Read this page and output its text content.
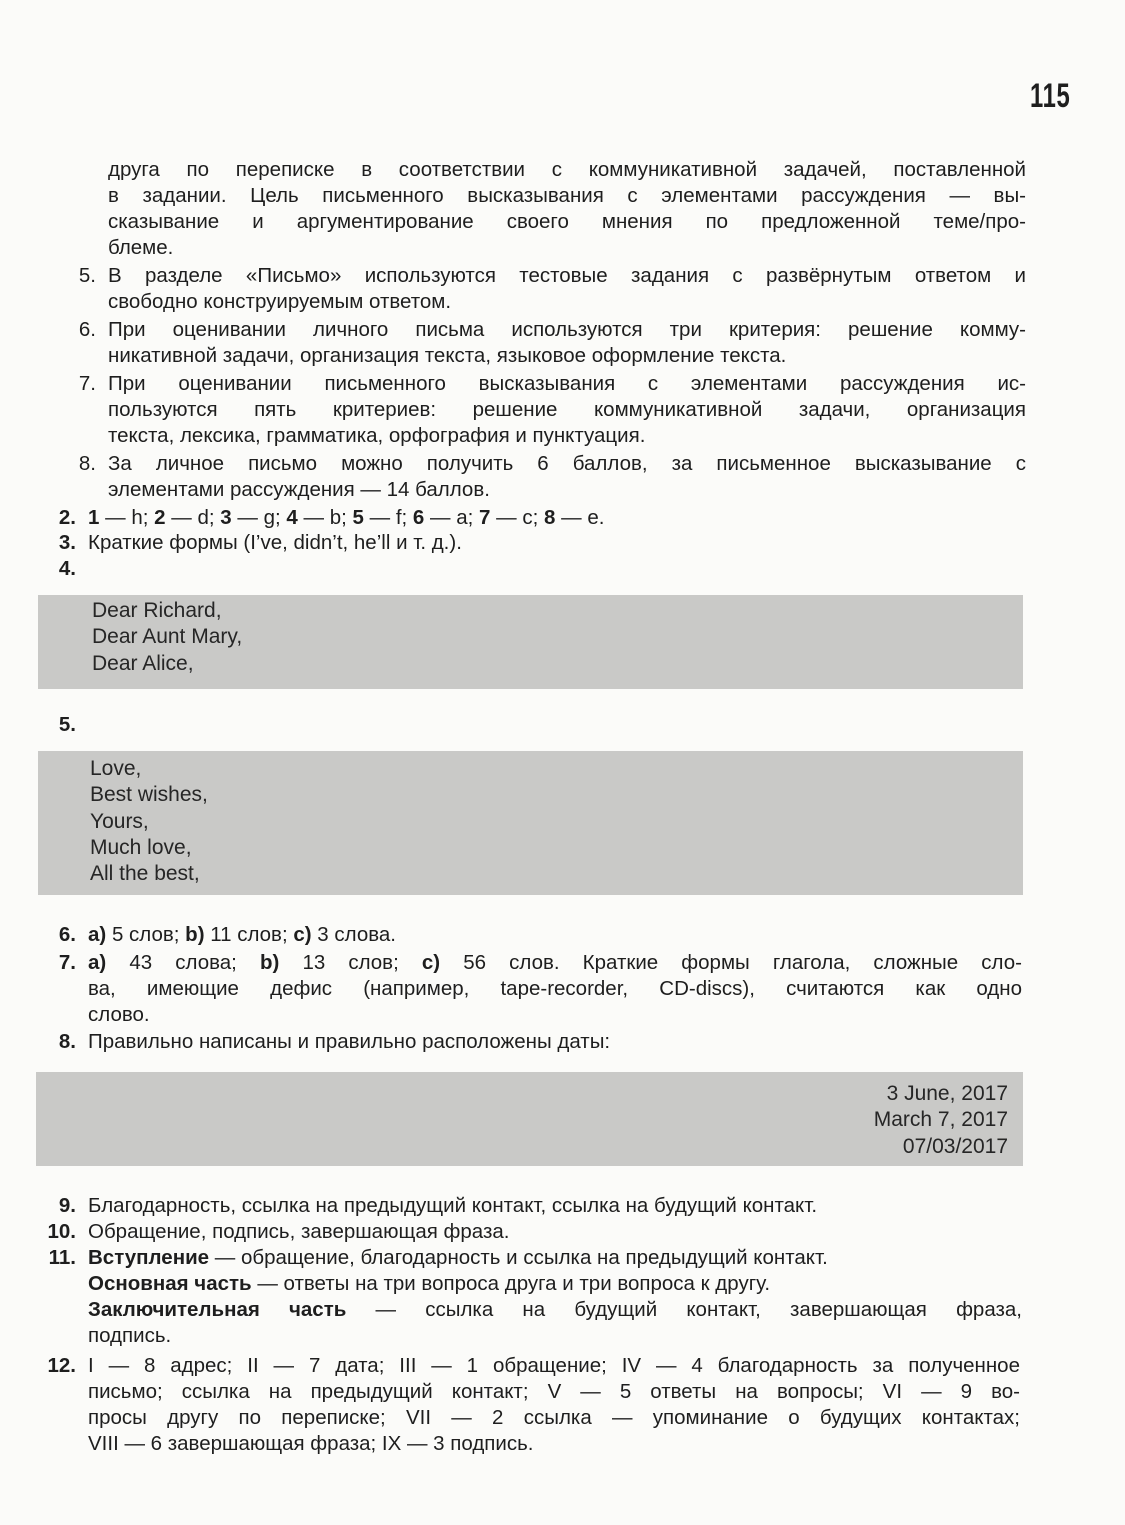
115
друга по переписке в соответствии с коммуникативной задачей, поставленной
в задании. Цель письменного высказывания с элементами рассуждения — вы-
сказывание и аргументирование своего мнения по предложенной теме/про-
блеме.
5. В разделе «Письмо» используются тестовые задания с развёрнутым ответом и
свободно конструируемым ответом.
6. При оценивании личного письма используются три критерия: решение комму-
никативной задачи, организация текста, языковое оформление текста.
7. При оценивании письменного высказывания с элементами рассуждения ис-
пользуются пять критериев: решение коммуникативной задачи, организация
текста, лексика, грамматика, орфография и пунктуация.
8. За личное письмо можно получить 6 баллов, за письменное высказывание с
элементами рассуждения — 14 баллов.
2. 1 — h; 2 — d; 3 — g; 4 — b; 5 — f; 6 — a; 7 — c; 8 — e.
3. Краткие формы (I’ve, didn’t, he’ll и т. д.).
4.
Dear Richard,
Dear Aunt Mary,
Dear Alice,
5.
Love,
Best wishes,
Yours,
Much love,
All the best,
6. a) 5 слов; b) 11 слов; c) 3 слова.
7. a) 43 слова; b) 13 слов; c) 56 слов. Краткие формы глагола, сложные сло-
ва, имеющие дефис (например, tape-recorder, CD-discs), считаются как одно
слово.
8. Правильно написаны и правильно расположены даты:
3 June, 2017
March 7, 2017
07/03/2017
9. Благодарность, ссылка на предыдущий контакт, ссылка на будущий контакт.
10. Обращение, подпись, завершающая фраза.
11. Вступление — обращение, благодарность и ссылка на предыдущий контакт.
Основная часть — ответы на три вопроса друга и три вопроса к другу.
Заключительная часть — ссылка на будущий контакт, завершающая фраза,
подпись.
12. I — 8 адрес; II — 7 дата; III — 1 обращение; IV — 4 благодарность за полученное
письмо; ссылка на предыдущий контакт; V — 5 ответы на вопросы; VI — 9 во-
просы другу по переписке; VII — 2 ссылка — упоминание о будущих контактах;
VIII — 6 завершающая фраза; IX — 3 подпись.
